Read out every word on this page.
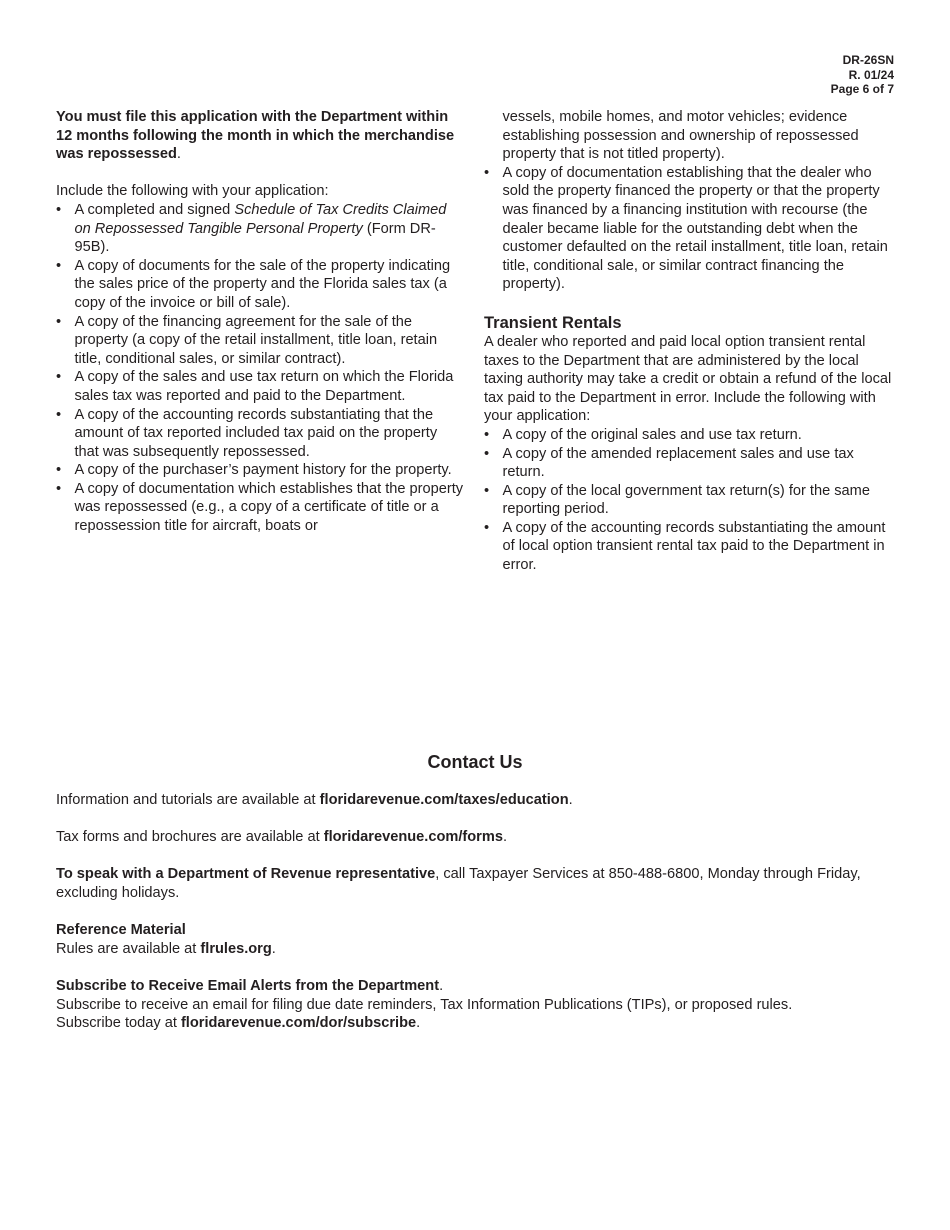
DR-26SN
R. 01/24
Page 6 of 7

You must file this application with the Department within 12 months following the month in which the merchandise was repossessed.

Include the following with your application:

• A completed and signed Schedule of Tax Credits Claimed on Repossessed Tangible Personal Property (Form DR-95B).
• A copy of documents for the sale of the property indicating the sales price of the property and the Florida sales tax (a copy of the invoice or bill of sale).
• A copy of the financing agreement for the sale of the property (a copy of the retail installment, title loan, retain title, conditional sales, or similar contract).
• A copy of the sales and use tax return on which the Florida sales tax was reported and paid to the Department.
• A copy of the accounting records substantiating that the amount of tax reported included tax paid on the property that was subsequently repossessed.
• A copy of the purchaser’s payment history for the property.
• A copy of documentation which establishes that the property was repossessed (e.g., a copy of a certificate of title or a repossession title for aircraft, boats or

vessels, mobile homes, and motor vehicles; evidence establishing possession and ownership of repossessed property that is not titled property).

• A copy of documentation establishing that the dealer who sold the property financed the property or that the property was financed by a financing institution with recourse (the dealer became liable for the outstanding debt when the customer defaulted on the retail installment, title loan, retain title, conditional sale, or similar contract financing the property).
Transient Rentals

A dealer who reported and paid local option transient rental taxes to the Department that are administered by the local taxing authority may take a credit or obtain a refund of the local tax paid to the Department in error. Include the following with your application:

• A copy of the original sales and use tax return.
• A copy of the amended replacement sales and use tax return.
• A copy of the local government tax return(s) for the same reporting period.
• A copy of the accounting records substantiating the amount of local option transient rental tax paid to the Department in error.
Contact Us

Information and tutorials are available at floridarevenue.com/taxes/education.

Tax forms and brochures are available at floridarevenue.com/forms.

To speak with a Department of Revenue representative, call Taxpayer Services at 850-488-6800, Monday through Friday, excluding holidays.

Reference Material

Rules are available at flrules.org.

Subscribe to Receive Email Alerts from the Department.

Subscribe to receive an email for filing due date reminders, Tax Information Publications (TIPs), or proposed rules.

Subscribe today at floridarevenue.com/dor/subscribe.
